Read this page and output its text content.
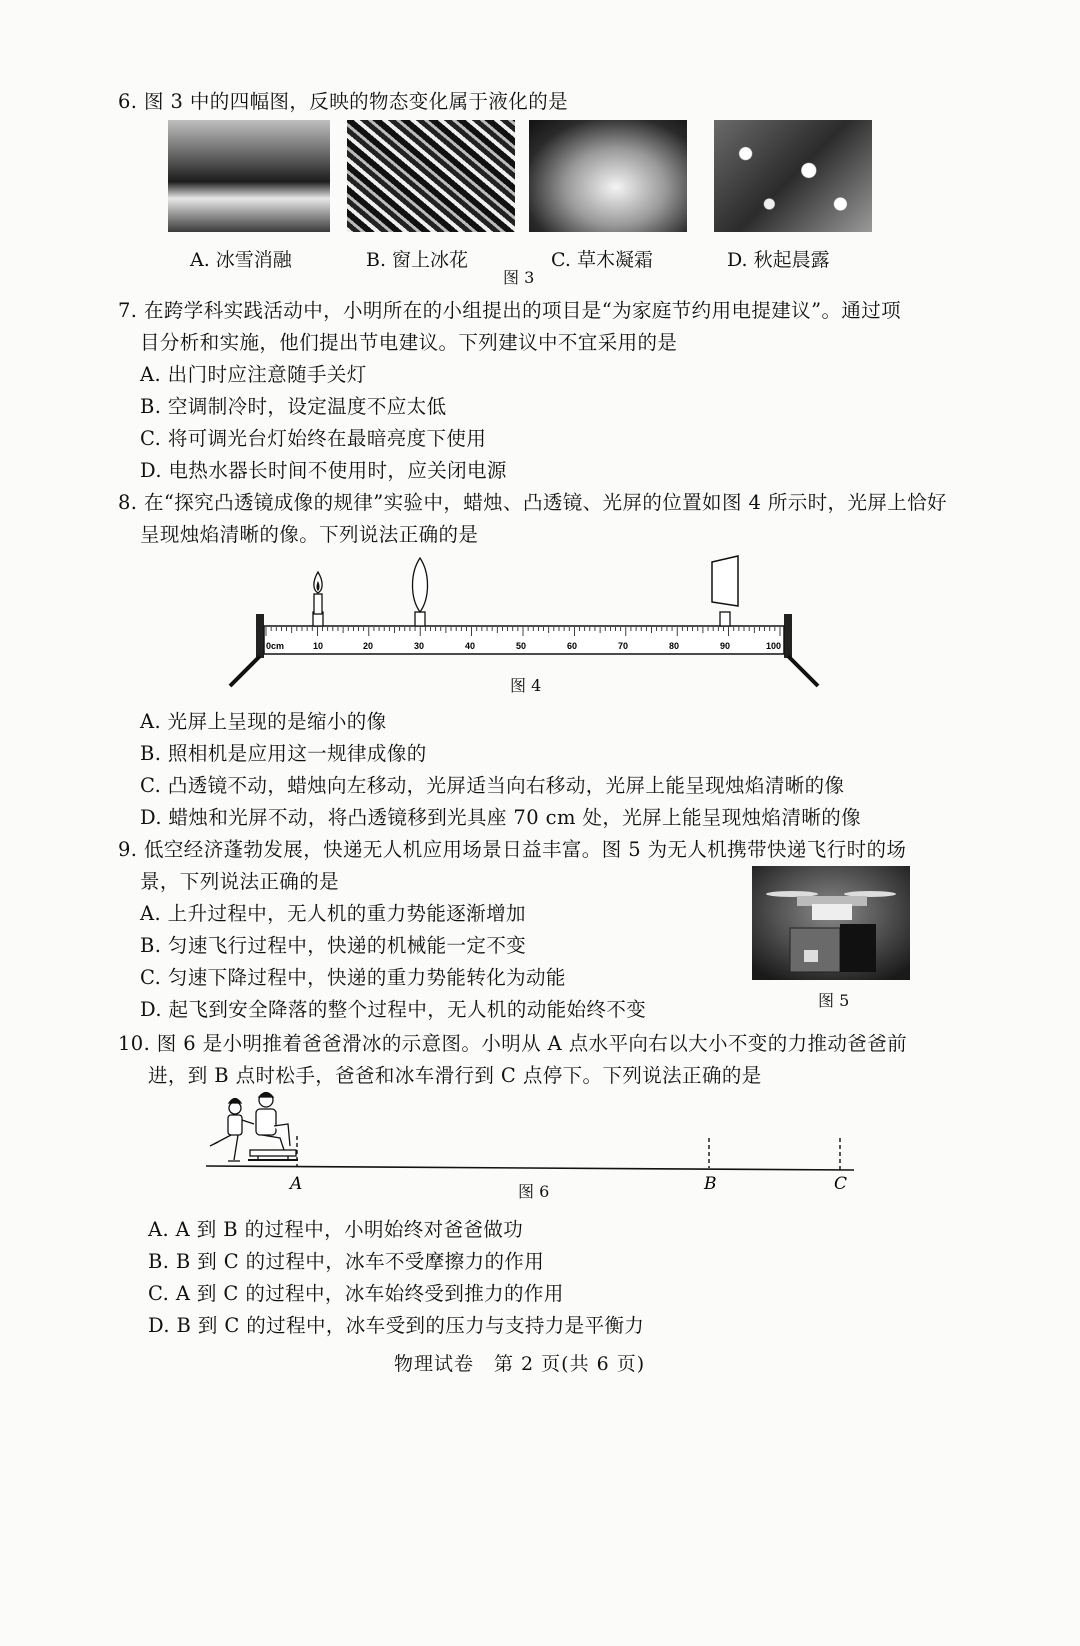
6. 图 3 中的四幅图，反映的物态变化属于液化的是
A. 冰雪消融	B. 窗上冰花	C. 草木凝霜	D. 秋起晨露
图 3
7. 在跨学科实践活动中，小明所在的小组提出的项目是“为家庭节约用电提建议”。通过项
目分析和实施，他们提出节电建议。下列建议中不宜采用的是
A. 出门时应注意随手关灯
B. 空调制冷时，设定温度不应太低
C. 将可调光台灯始终在最暗亮度下使用
D. 电热水器长时间不使用时，应关闭电源
8. 在“探究凸透镜成像的规律”实验中，蜡烛、凸透镜、光屏的位置如图 4 所示时，光屏上恰好
呈现烛焰清晰的像。下列说法正确的是
0cm	10	20	30	40	50	60	70	80	90	100
图 4
A. 光屏上呈现的是缩小的像
B. 照相机是应用这一规律成像的
C. 凸透镜不动，蜡烛向左移动，光屏适当向右移动，光屏上能呈现烛焰清晰的像
D. 蜡烛和光屏不动，将凸透镜移到光具座 70 cm 处，光屏上能呈现烛焰清晰的像
9. 低空经济蓬勃发展，快递无人机应用场景日益丰富。图 5 为无人机携带快递飞行时的场
景，下列说法正确的是
A. 上升过程中，无人机的重力势能逐渐增加
B. 匀速飞行过程中，快递的机械能一定不变
C. 匀速下降过程中，快递的重力势能转化为动能
D. 起飞到安全降落的整个过程中，无人机的动能始终不变	图 5
10. 图 6 是小明推着爸爸滑冰的示意图。小明从 A 点水平向右以大小不变的力推动爸爸前
进，到 B 点时松手，爸爸和冰车滑行到 C 点停下。下列说法正确的是
A	B	C
图 6
A. A 到 B 的过程中，小明始终对爸爸做功
B. B 到 C 的过程中，冰车不受摩擦力的作用
C. A 到 C 的过程中，冰车始终受到推力的作用
D. B 到 C 的过程中，冰车受到的压力与支持力是平衡力
物理试卷　第 2 页(共 6 页)
